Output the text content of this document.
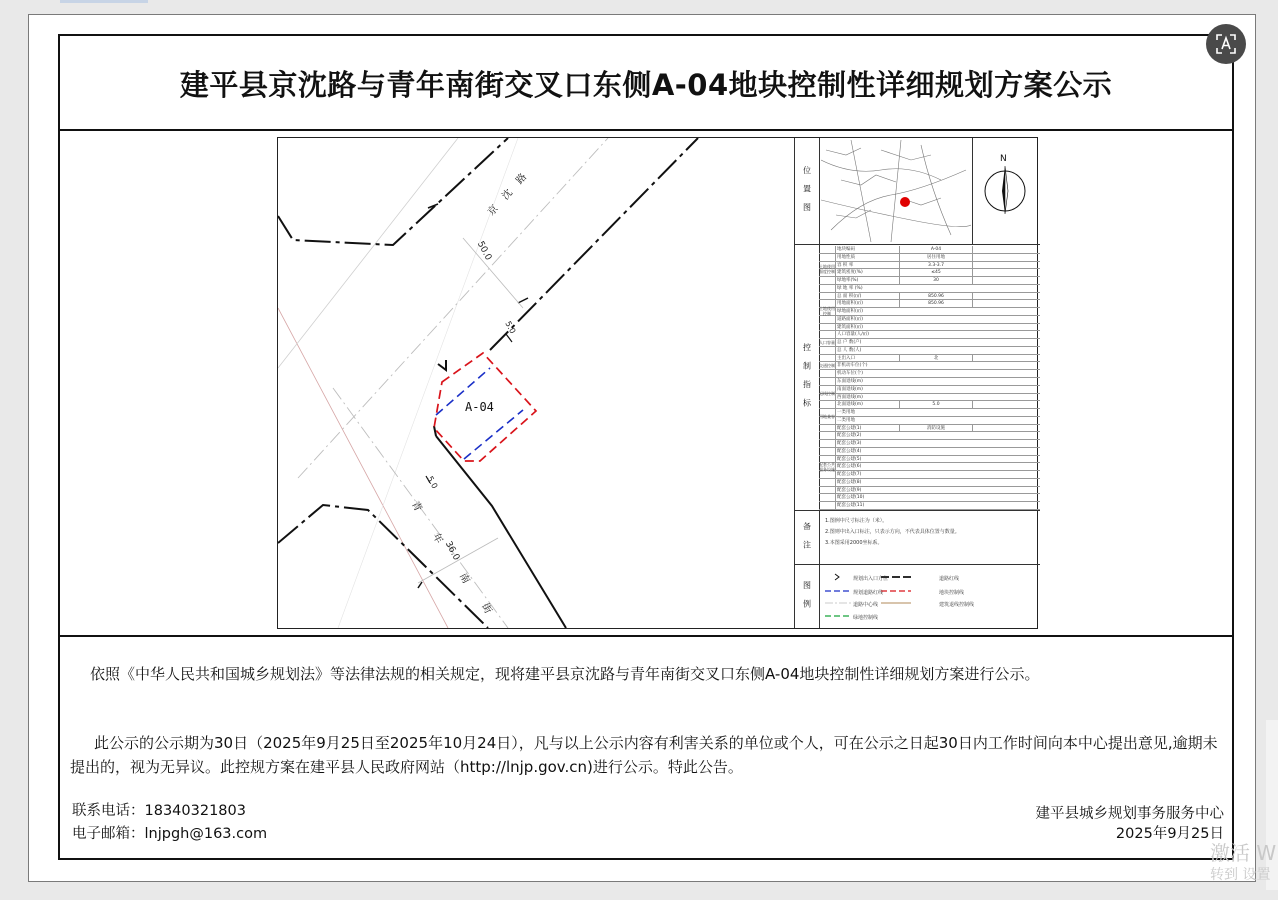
建平县京沈路与青年南街交叉口东侧A-04地块控制性详细规划方案公示
A-04
京 沈 路
50.0
5.0
5.0
青
年
36.0
南
街
位 置 图
N
控 制 指 标
地块编码	A-04
用地性质	居住用地
容 积 率	3.3-3.7
建筑密度(%)	≤45
绿地率(%)	30
绿 地 率 (%)
总 面 积(㎡)	850.96
用地面积(㎡)	850.96
绿地面积(㎡)
道路面积(㎡)
建筑面积(㎡)
人口容量(人/㎡)
总 户 数(户)
总 人 数(人)
主出入口	北
非机动车位(个)
机动车位(个)
东面退线(m)
南面退线(m)
西面退线(m)
北面退线(m)	5.0
一类用地
二类用地
配套公建(1)	消防设施
配套公建(2)
配套公建(3)
配套公建(4)
配套公建(5)
配套公建(6)
配套公建(7)
配套公建(8)
配套公建(9)
配套公建(10)
配套公建(11)
土地使用强度控制
土地使用控制
人口容量
交通控制
退线控制
用地兼容
配套公共服务设施
备 注
1.图例中尺寸标注为（米）。
2.图则中出入口标注，只表示方向，不代表具体位置与数量。
3.本图采用2000坐标系。
图 例
规划出入口方位	道路红线
规划道路红线	地块控制线
道路中心线	建筑退线控制线
绿地控制线
依照《中华人民共和国城乡规划法》等法律法规的相关规定，现将建平县京沈路与青年南街交叉口东侧A-04地块控制性详细规划方案进行公示。
此公示的公示期为30日（2025年9月25日至2025年10月24日），凡与以上公示内容有利害关系的单位或个人，可在公示之日起30日内工作时间向本中心提出意见,逾期未提出的，视为无异议。此控规方案在建平县人民政府网站（http://lnjp.gov.cn)进行公示。特此公告。
联系电话：18340321803
电子邮箱：lnjpgh@163.com
建平县城乡规划事务服务中心
2025年9月25日
激活 W
转到 设置
